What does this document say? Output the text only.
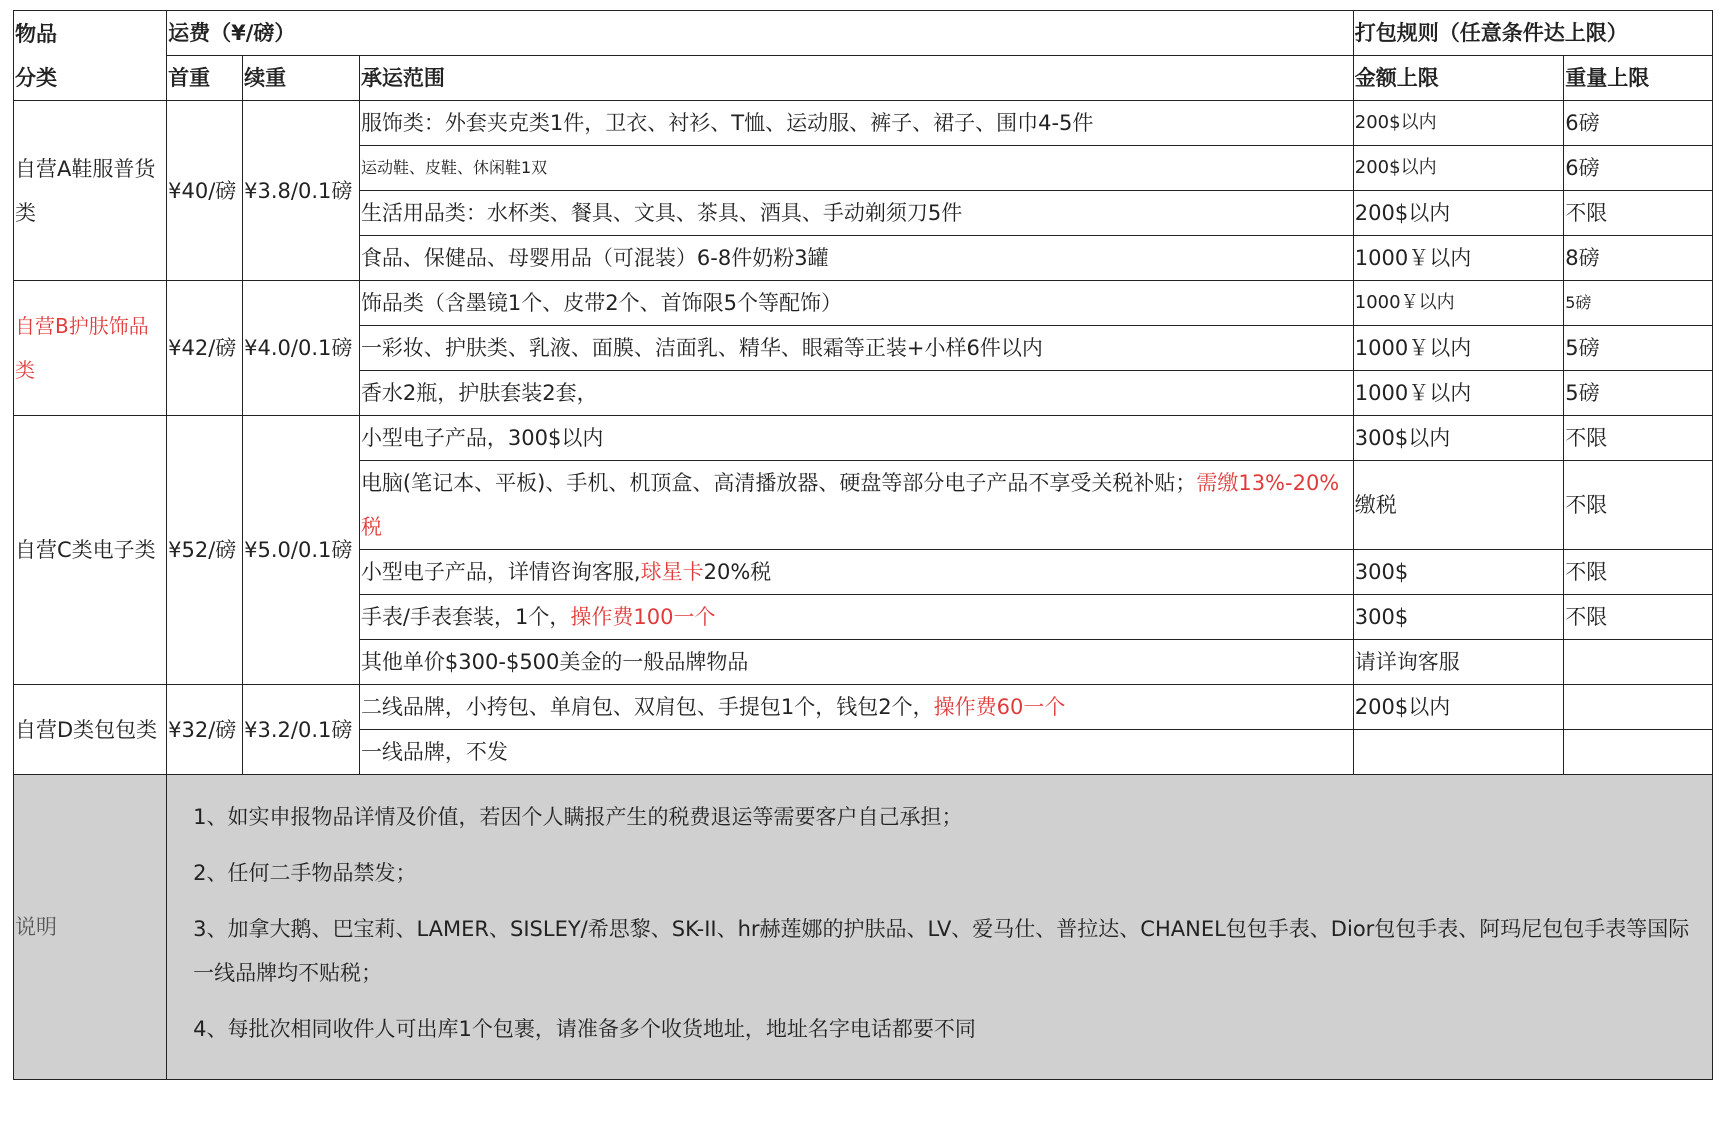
物品
分类	运费（¥/磅）			打包规则（任意条件达上限）	
	首重	续重	承运范围	金额上限	重量上限
自营A鞋服普货类	¥40/磅	¥3.8/0.1磅	服饰类：外套夹克类1件，卫衣、衬衫、T恤、运动服、裤子、裙子、围巾4-5件	200$以内	6磅
			运动鞋、皮鞋、休闲鞋1双	200$以内	6磅
			生活用品类：水杯类、餐具、文具、茶具、酒具、手动剃须刀5件	200$以内	不限
			食品、保健品、母婴用品（可混装）6-8件奶粉3罐	1000￥以内	8磅
自营B护肤饰品类	¥42/磅	¥4.0/0.1磅	饰品类（含墨镜1个、皮带2个、首饰限5个等配饰）	1000￥以内	5磅
			一彩妆、护肤类、乳液、面膜、洁面乳、精华、眼霜等正装+小样6件以内	1000￥以内	5磅
			香水2瓶，护肤套装2套，	1000￥以内	5磅
自营C类电子类	¥52/磅	¥5.0/0.1磅	小型电子产品，300$以内	300$以内	不限
			电脑(笔记本、平板)、手机、机顶盒、高清播放器、硬盘等部分电子产品不享受关税补贴；需缴13%-20%税	缴税	不限
			小型电子产品，详情咨询客服,球星卡20%税	300$	不限
			手表/手表套装，1个，操作费100一个	300$	不限
			其他单价$300-$500美金的一般品牌物品	请详询客服	
自营D类包包类	¥32/磅	¥3.2/0.1磅	二线品牌，小挎包、单肩包、双肩包、手提包1个，钱包2个，操作费60一个	200$以内	
			一线品牌，不发		
说明	1、如实申报物品详情及价值，若因个人瞒报产生的税费退运等需要客户自己承担；
2、任何二手物品禁发；
3、加拿大鹅、巴宝莉、LAMER、SISLEY/希思黎、SK-II、hr赫莲娜的护肤品、LV、爱马仕、普拉达、CHANEL包包手表、Dior包包手表、阿玛尼包包手表等国际一线品牌均不贴税；
4、每批次相同收件人可出库1个包裹，请准备多个收货地址，地址名字电话都要不同				
